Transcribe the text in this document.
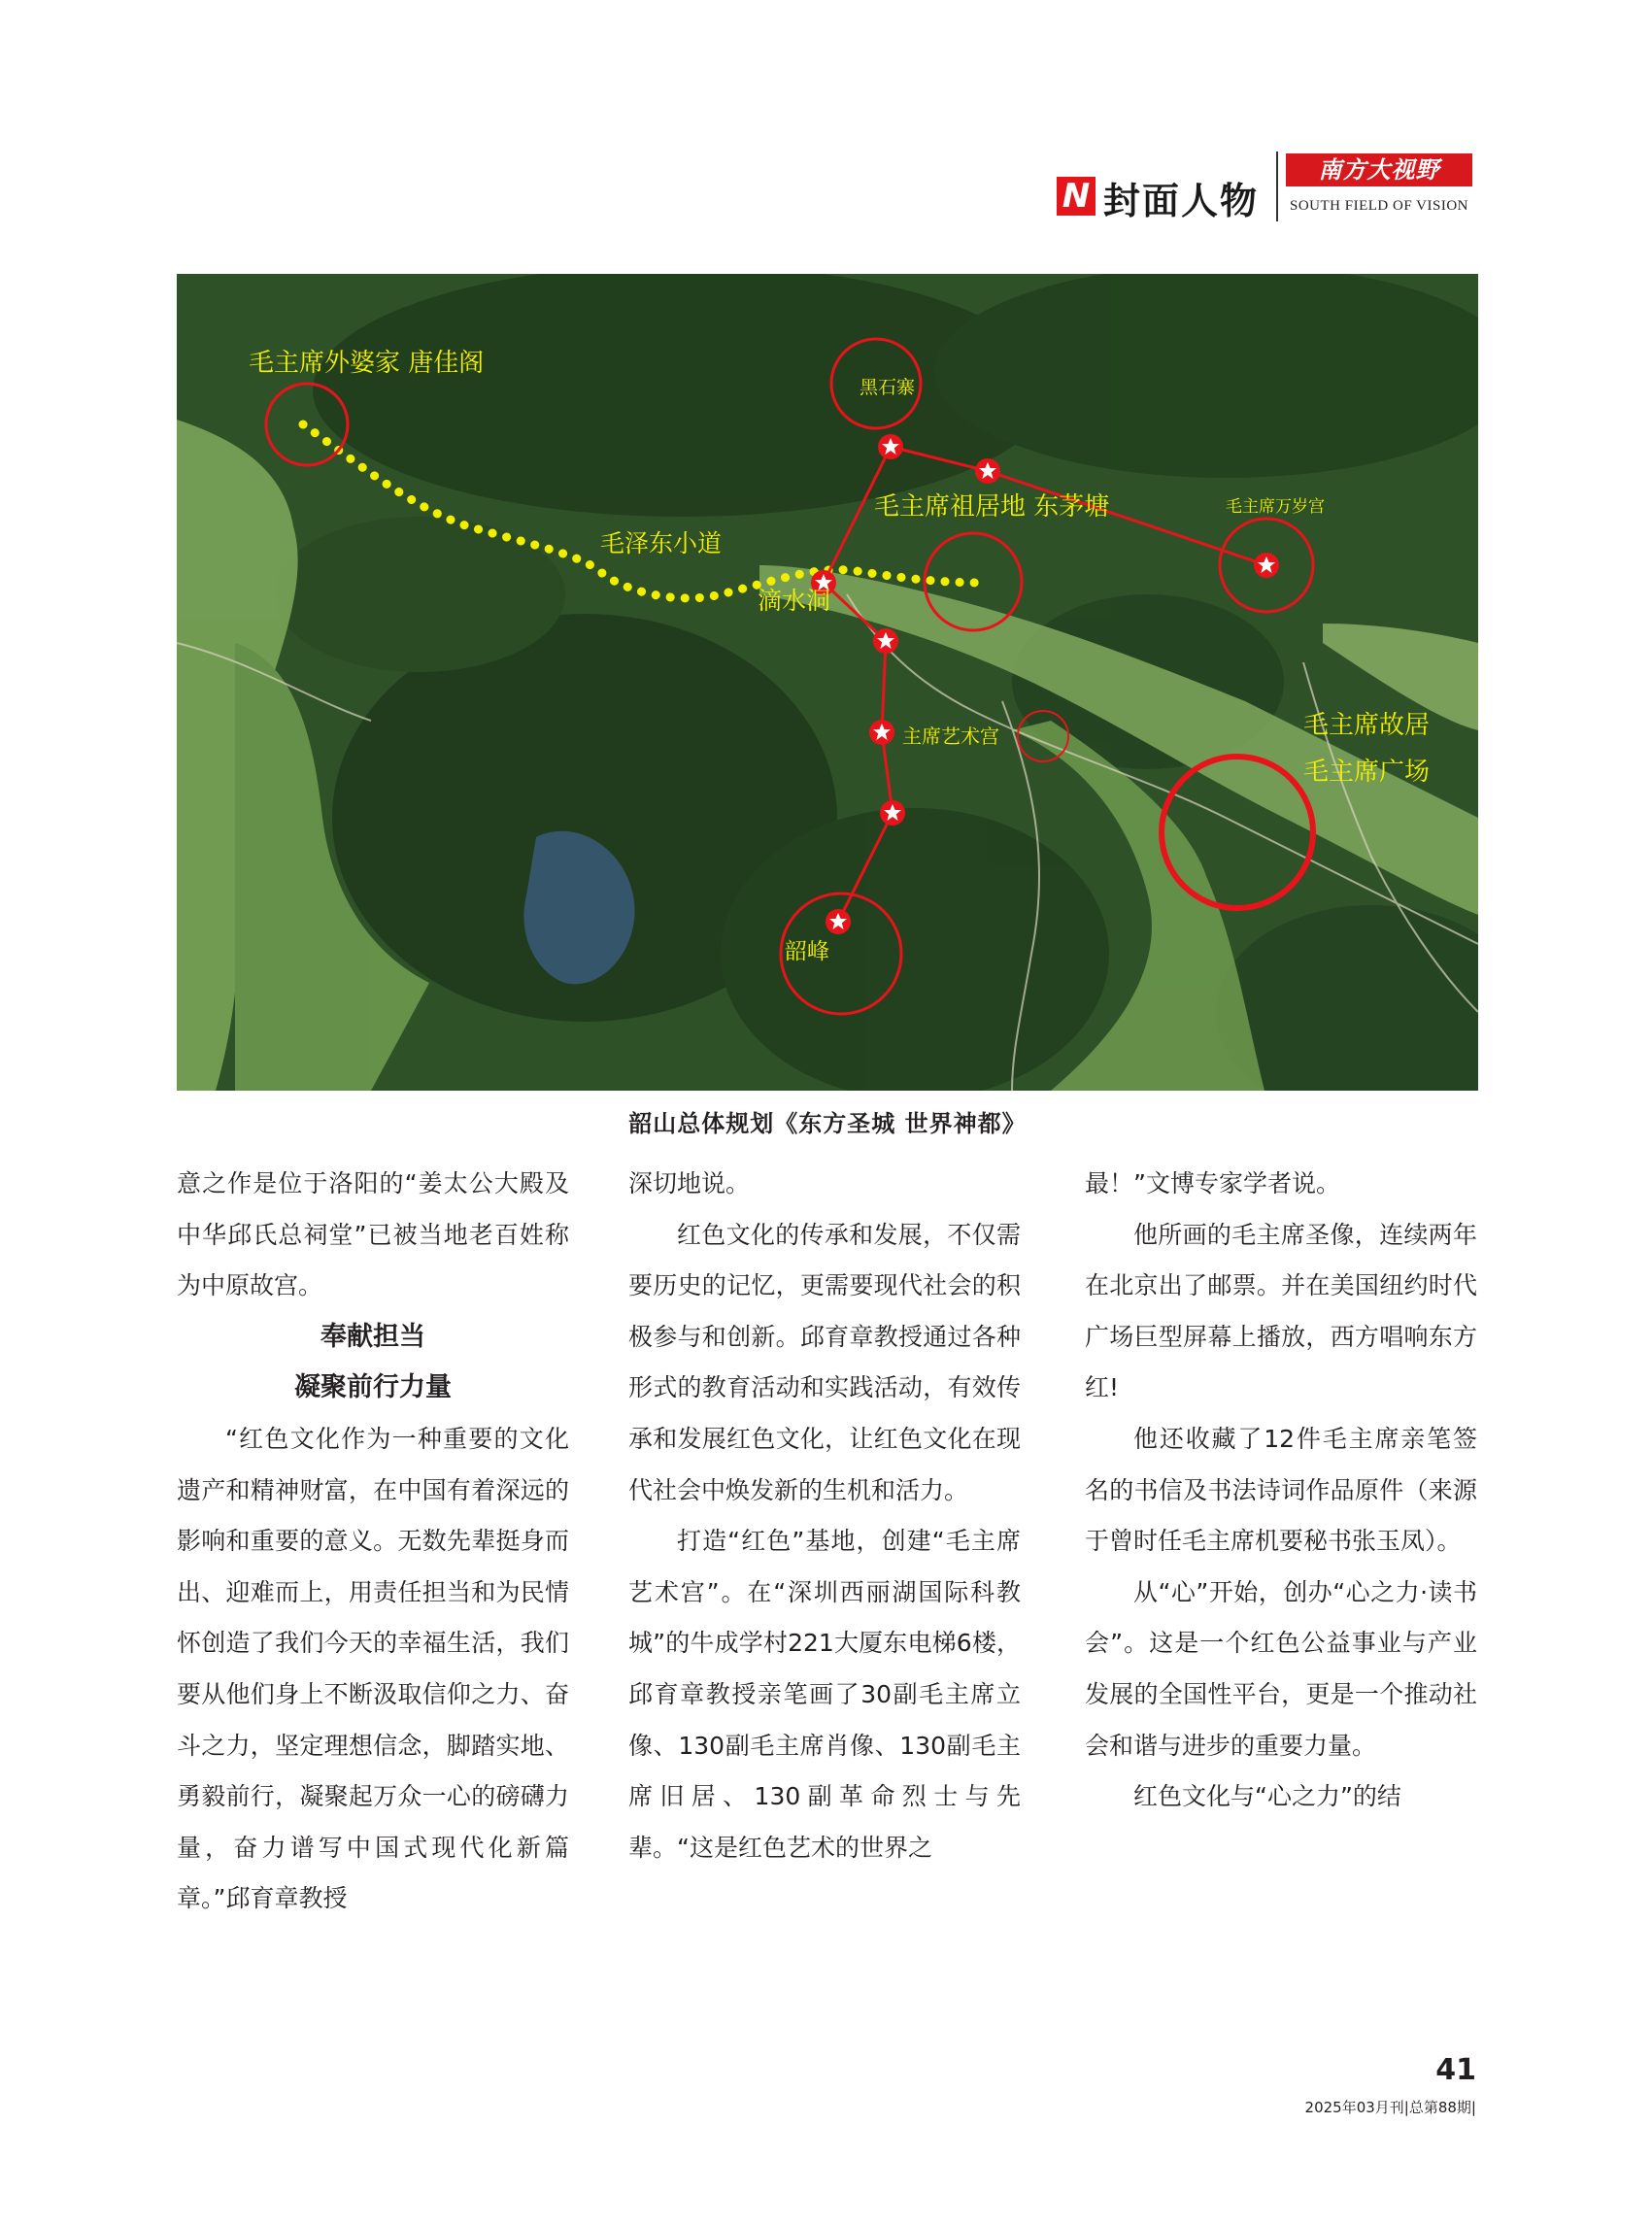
N 封面人物
南方大视野
SOUTH FIELD OF VISION
毛主席外婆家 唐佳阁
黑石寨
毛主席祖居地 东茅塘	毛主席万岁宫
毛泽东小道
滴水洞
主席艺术宫	毛主席故居
毛主席广场
韶峰
韶山总体规划《东方圣城 世界神都》

意之作是位于洛阳的“姜太公大殿及中华邱氏总祠堂”已被当地老百姓称为中原故宫。

奉献担当
凝聚前行力量

“红色文化作为一种重要的文化遗产和精神财富，在中国有着深远的影响和重要的意义。无数先辈挺身而出、迎难而上，用责任担当和为民情怀创造了我们今天的幸福生活，我们要从他们身上不断汲取信仰之力、奋斗之力，坚定理想信念，脚踏实地、勇毅前行，凝聚起万众一心的磅礴力量，奋力谱写中国式现代化新篇章。”邱育章教授

深切地说。

红色文化的传承和发展，不仅需要历史的记忆，更需要现代社会的积极参与和创新。邱育章教授通过各种形式的教育活动和实践活动，有效传承和发展红色文化，让红色文化在现代社会中焕发新的生机和活力。

打造“红色”基地，创建“毛主席艺术宫”。在“深圳西丽湖国际科教城”的牛成学村221大厦东电梯6楼，邱育章教授亲笔画了30副毛主席立像、130副毛主席肖像、130副毛主席旧居、130副革命烈士与先辈。“这是红色艺术的世界之

最！”文博专家学者说。

他所画的毛主席圣像，连续两年在北京出了邮票。并在美国纽约时代广场巨型屏幕上播放，西方唱响东方红!

他还收藏了12件毛主席亲笔签名的书信及书法诗词作品原件（来源于曾时任毛主席机要秘书张玉凤）。

从“心”开始，创办“心之力·读书会”。这是一个红色公益事业与产业发展的全国性平台，更是一个推动社会和谐与进步的重要力量。

红色文化与“心之力”的结

41
2025年03月刊|总第88期|
